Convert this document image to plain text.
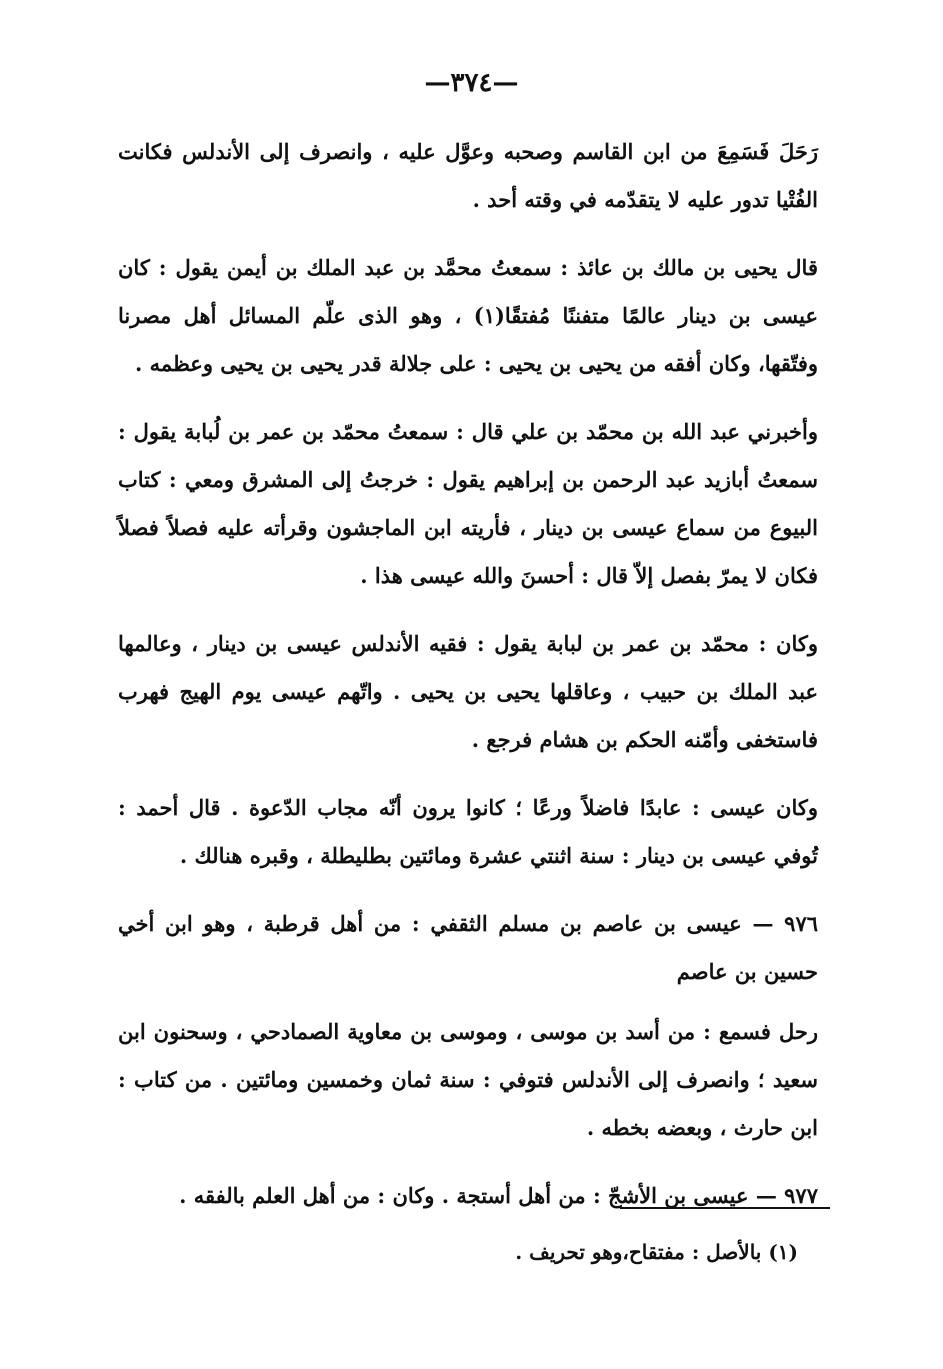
—٣٧٤—

رَحَلَ فَسَمِعَ من ابن القاسم وصحبه وعوَّل عليه ، وانصرف إلى الأندلس فكانت الفُتْيا تدور عليه لا يتقدّمه في وقته أحد .

قال يحيى بن مالك بن عائذ : سمعتُ محمَّد بن عبد الملك بن أيمن يقول : كان عيسى بن دينار عالمًا متفننًا مُفتقًا(١) ، وهو الذى علّم المسائل أهل مصرنا وفتّقها، وكان أفقه من يحيى بن يحيى : على جلالة قدر يحيى بن يحيى وعظمه .

وأخبرني عبد الله بن محمّد بن علي قال : سمعتُ محمّد بن عمر بن لُبابة يقول : سمعتُ أبازيد عبد الرحمن بن إبراهيم يقول : خرجتُ إلى المشرق ومعي : كتاب البيوع من سماع عيسى بن دينار ، فأريته ابن الماجشون وقرأته عليه فصلاً فصلاً فكان لا يمرّ بفصل إلاّ قال : أحسنَ والله عيسى هذا .

وكان : محمّد بن عمر بن لبابة يقول : فقيه الأندلس عيسى بن دينار ، وعالمها عبد الملك بن حبيب ، وعاقلها يحيى بن يحيى . واتّهم عيسى يوم الهيج فهرب فاستخفى وأمّنه الحكم بن هشام فرجع .

وكان عيسى : عابدًا فاضلاً ورعًا ؛ كانوا يرون أنّه مجاب الدّعوة . قال أحمد : تُوفي عيسى بن دينار : سنة اثنتي عشرة ومائتين بطليطلة ، وقبره هنالك .

٩٧٦ — عيسى بن عاصم بن مسلم الثقفي : من أهل قرطبة ، وهو ابن أخي حسين بن عاصم

رحل فسمع : من أسد بن موسى ، وموسى بن معاوية الصمادحي ، وسحنون ابن سعيد ؛ وانصرف إلى الأندلس فتوفي : سنة ثمان وخمسين ومائتين . من كتاب : ابن حارث ، وبعضه بخطه .

٩٧٧ — عيسى بن الأشجّ : من أهل أستجة . وكان : من أهل العلم بالفقه .

(١) بالأصل : مفتقاح،وهو تحريف .
